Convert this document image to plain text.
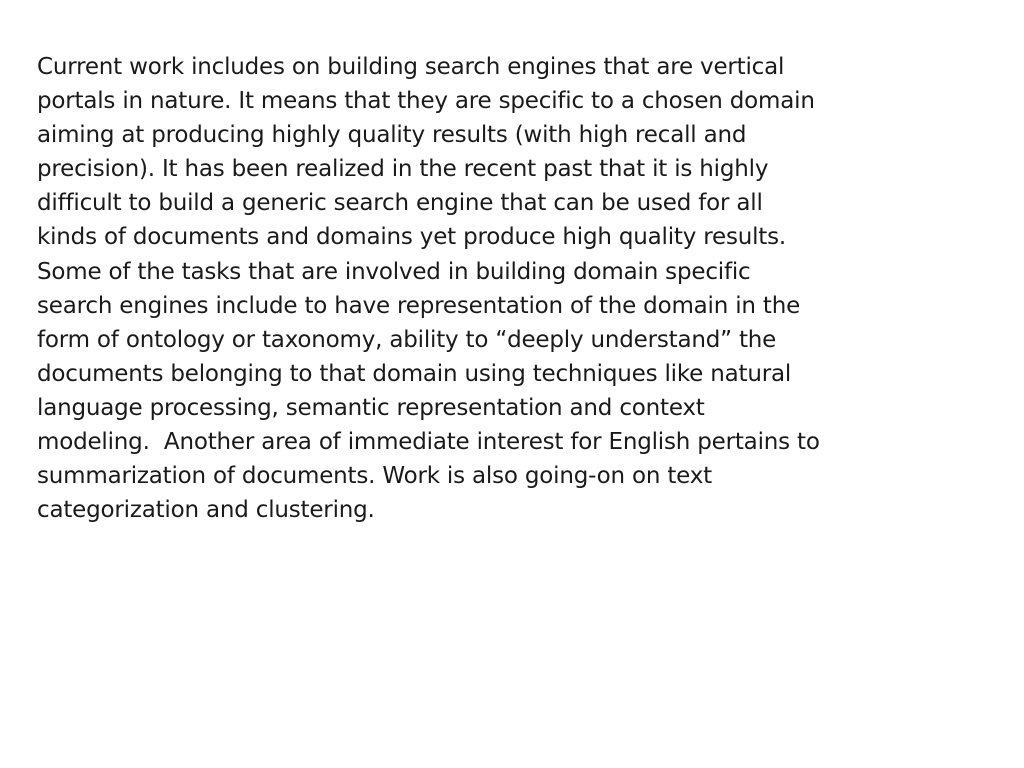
Current work includes on building search engines that are vertical
portals in nature. It means that they are specific to a chosen domain
aiming at producing highly quality results (with high recall and
precision). It has been realized in the recent past that it is highly
difficult to build a generic search engine that can be used for all
kinds of documents and domains yet produce high quality results.
Some of the tasks that are involved in building domain specific
search engines include to have representation of the domain in the
form of ontology or taxonomy, ability to “deeply understand” the
documents belonging to that domain using techniques like natural
language processing, semantic representation and context
modeling.  Another area of immediate interest for English pertains to
summarization of documents. Work is also going-on on text
categorization and clustering.
